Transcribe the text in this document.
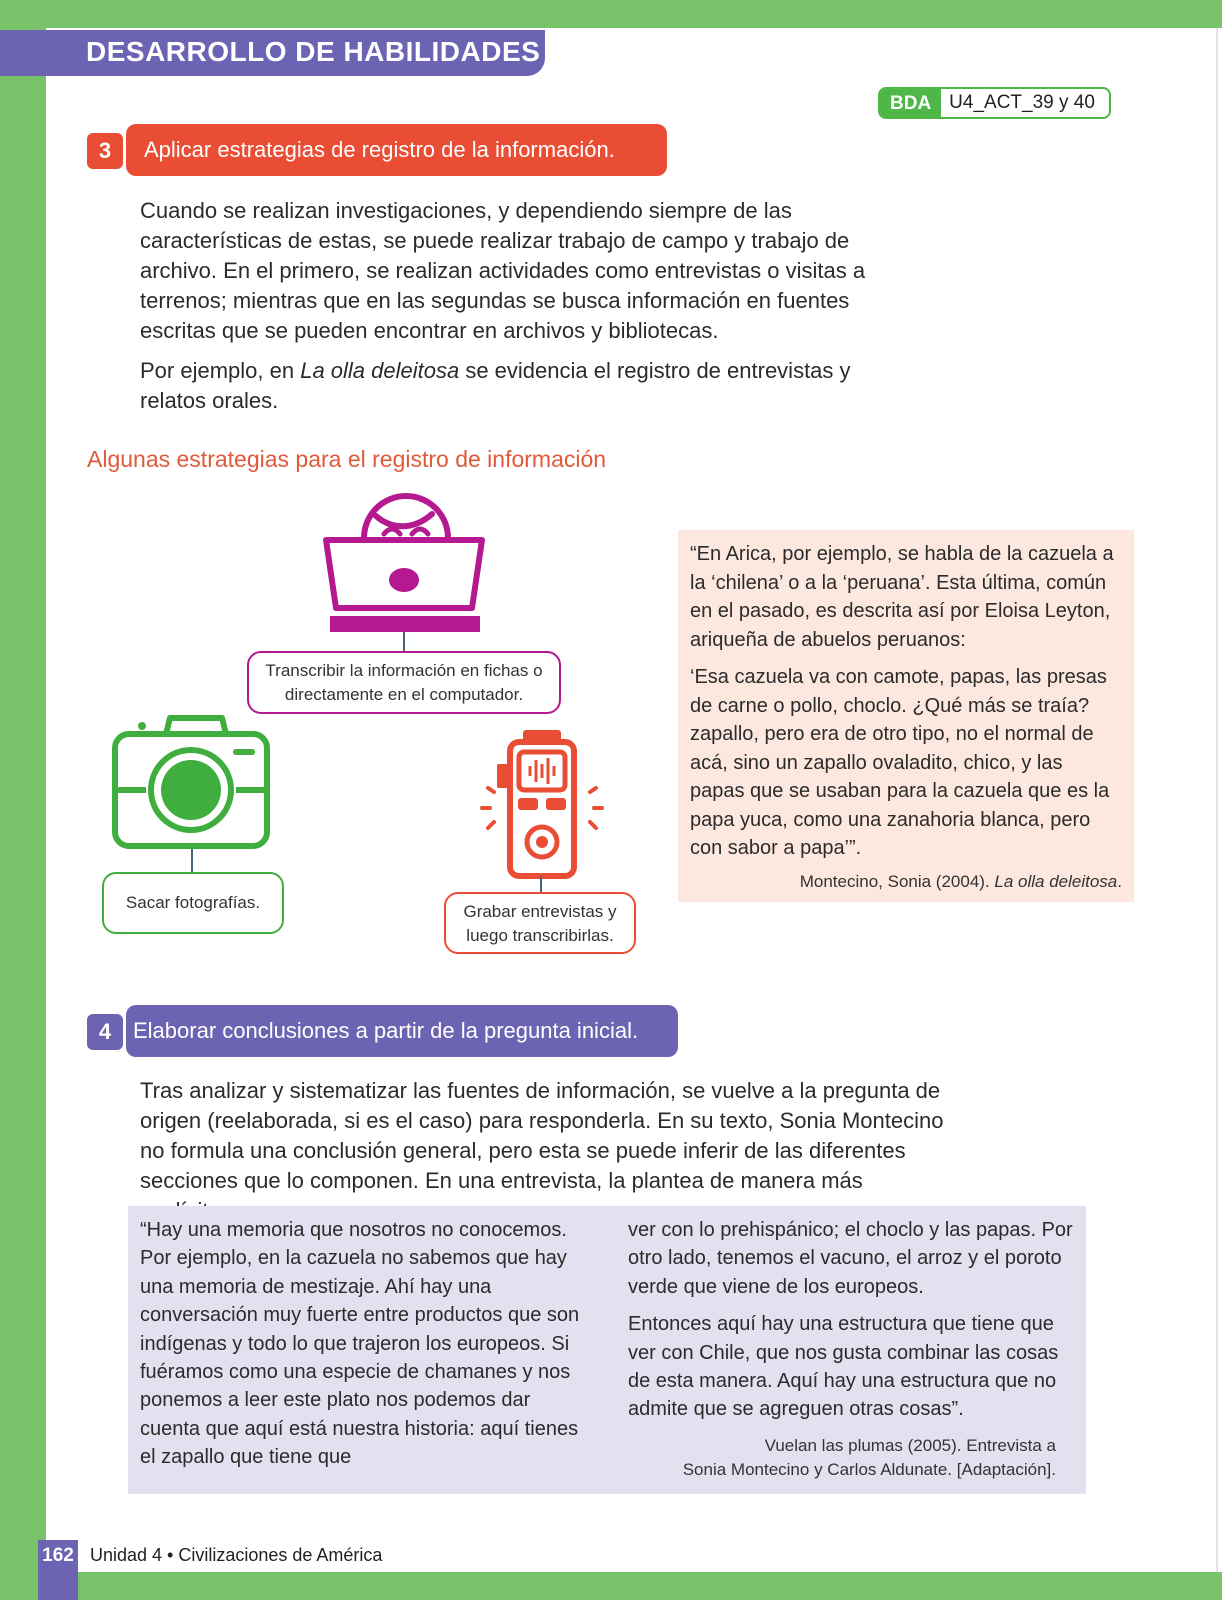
DESARROLLO DE HABILIDADES
BDA U4_ACT_39 y 40
3	Aplicar estrategias de registro de la información.
Cuando se realizan investigaciones, y dependiendo siempre de las características de estas, se puede realizar trabajo de campo y trabajo de archivo. En el primero, se realizan actividades como entrevistas o visitas a terrenos; mientras que en las segundas se busca información en fuentes escritas que se pueden encontrar en archivos y bibliotecas.
Por ejemplo, en La olla deleitosa se evidencia el registro de entrevistas y relatos orales.
Algunas estrategias para el registro de información
Transcribir la información en fichas o directamente en el computador.
Sacar fotografías.	Grabar entrevistas y luego transcribirlas.

“En Arica, por ejemplo, se habla de la cazuela a la ‘chilena’ o a la ‘peruana’. Esta última, común en el pasado, es descrita así por Eloisa Leyton, ariqueña de abuelos peruanos:

‘Esa cazuela va con camote, papas, las presas de carne o pollo, choclo. ¿Qué más se traía? zapallo, pero era de otro tipo, no el normal de acá, sino un zapallo ovaladito, chico, y las papas que se usaban para la cazuela que es la papa yuca, como una zanahoria blanca, pero con sabor a papa’”.

Montecino, Sonia (2004). La olla deleitosa.
4 Elaborar conclusiones a partir de la pregunta inicial.
Tras analizar y sistematizar las fuentes de información, se vuelve a la pregunta de origen (reelaborada, si es el caso) para responderla. En su texto, Sonia Montecino no formula una conclusión general, pero esta se puede inferir de las diferentes secciones que lo componen. En una entrevista, la plantea de manera más

“Hay una memoria que nosotros no conocemos. Por ejemplo, en la cazuela no sabemos que hay una memoria de mestizaje. Ahí hay una conversación muy fuerte entre productos que son indígenas y todo lo que trajeron los europeos. Si fuéramos como una especie de chamanes y nos ponemos a leer este plato nos podemos dar cuenta que aquí está nuestra historia: aquí tienes el zapallo que tiene que

ver con lo prehispánico; el choclo y las papas. Por otro lado, tenemos el vacuno, el arroz y el poroto verde que viene de los europeos.

Entonces aquí hay una estructura que tiene que ver con Chile, que nos gusta combinar las cosas de esta manera. Aquí hay una estructura que no admite que se agreguen otras cosas”.

Vuelan las plumas (2005). Entrevista a
Sonia Montecino y Carlos Aldunate. [Adaptación].
162 Unidad 4 • Civilizaciones de América
